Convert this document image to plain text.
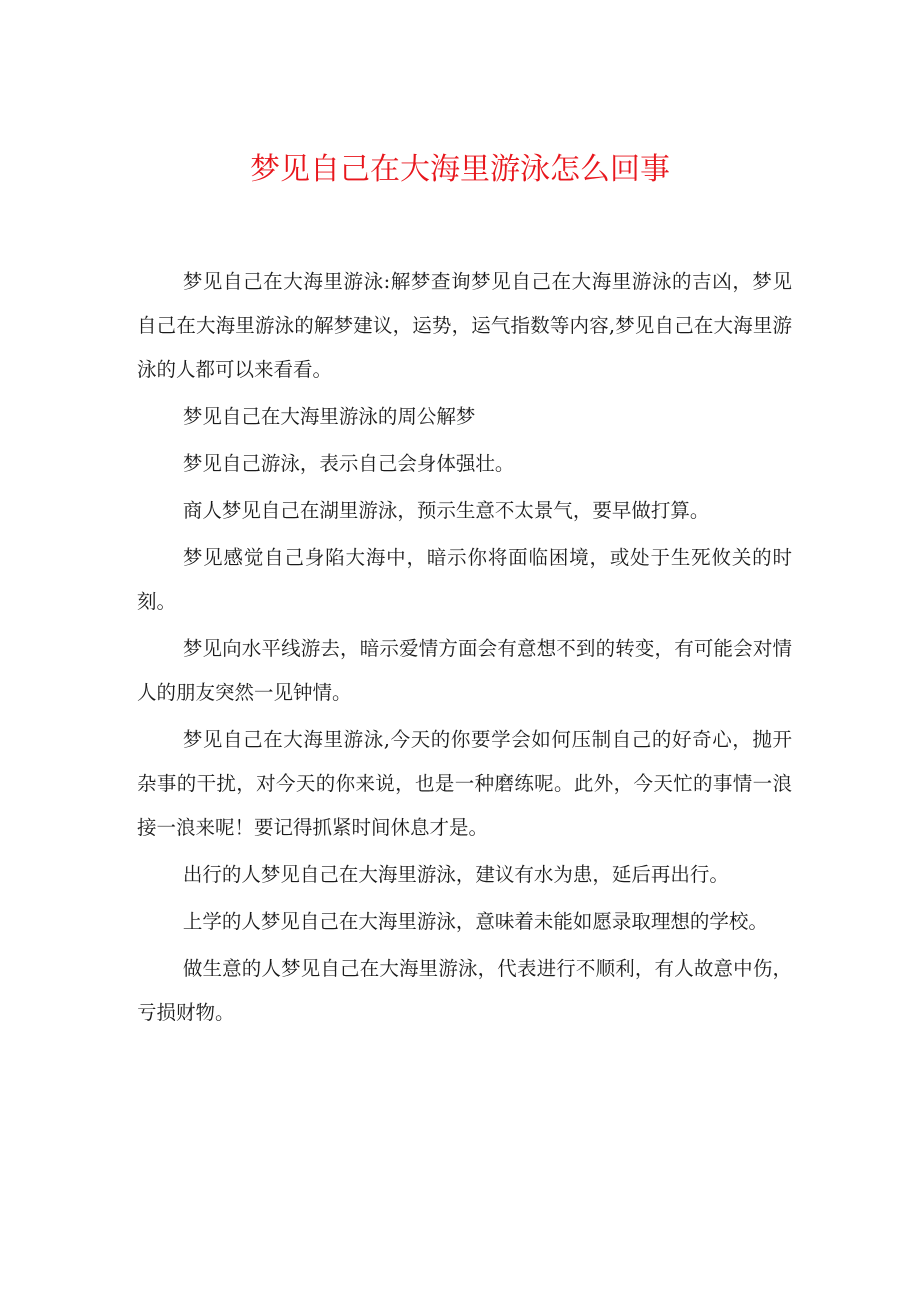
梦见自己在大海里游泳怎么回事

梦见自己在大海里游泳:解梦查询梦见自己在大海里游泳的吉凶，梦见自己在大海里游泳的解梦建议，运势，运气指数等内容,梦见自己在大海里游泳的人都可以来看看。

梦见自己在大海里游泳的周公解梦

梦见自己游泳，表示自己会身体强壮。

商人梦见自己在湖里游泳，预示生意不太景气，要早做打算。

梦见感觉自己身陷大海中，暗示你将面临困境，或处于生死攸关的时刻。

梦见向水平线游去，暗示爱情方面会有意想不到的转变，有可能会对情人的朋友突然一见钟情。

梦见自己在大海里游泳,今天的你要学会如何压制自己的好奇心，抛开杂事的干扰，对今天的你来说，也是一种磨练呢。此外，今天忙的事情一浪接一浪来呢！要记得抓紧时间休息才是。

出行的人梦见自己在大海里游泳，建议有水为患，延后再出行。

上学的人梦见自己在大海里游泳，意味着未能如愿录取理想的学校。

做生意的人梦见自己在大海里游泳，代表进行不顺利，有人故意中伤，亏损财物。
